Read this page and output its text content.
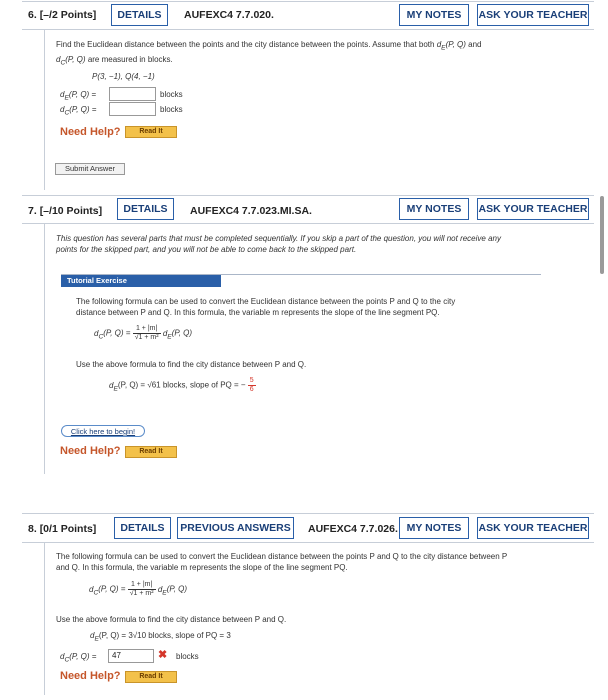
6. [–/2 Points]	DETAILS	AUFEXC4 7.7.020.	MY NOTES	ASK YOUR TEACHER
Find the Euclidean distance between the points and the city distance between the points. Assume that both $d_E(P$, Q) and
$d_C(P$, Q) are measured in blocks.
P(3, −1), Q(4, −1)
$d_E(P$, Q) =	blocks
$d_C(P$, Q) =	blocks
Need Help?	Read It
Submit Answer
7. [–/10 Points]	DETAILS	AUFEXC4 7.7.023.MI.SA.	MY NOTES	ASK YOUR TEACHER
This question has several parts that must be completed sequentially. If you skip a part of the question, you will not receive any
points for the skipped part, and you will not be able to come back to the skipped part.
Tutorial Exercise
The following formula can be used to convert the Euclidean distance between the points P and Q to the city
distance between P and Q. In this formula, the variable m represents the slope of the line segment PQ.
$d_C(P$, $Q) = \frac{1 + |m|}{\text{√1 + m²}} d_E(P$, Q)
Use the above formula to find the city distance between P and Q.
$d_E(P$, Q) = √61 blocks, slope of PQ = − $\frac{5}{6}$
Click here to begin!
Need Help?	Read It
8. [0/1 Points]	DETAILS	PREVIOUS ANSWERS	AUFEXC4 7.7.026. MY NOTES	ASK YOUR TEACHER
The following formula can be used to convert the Euclidean distance between the points P and Q to the city distance between P
and Q. In this formula, the variable m represents the slope of the line segment PQ.
$d_C(P$, $Q) = \frac{1 + |m|}{\text{√1 + m²}} d_E(P$, Q)
Use the above formula to find the city distance between P and Q.
$d_E(P$, Q) = 3√10 blocks, slope of PQ = 3
$d_C(P$, Q) =	47	✖ blocks
Need Help?	Read It
